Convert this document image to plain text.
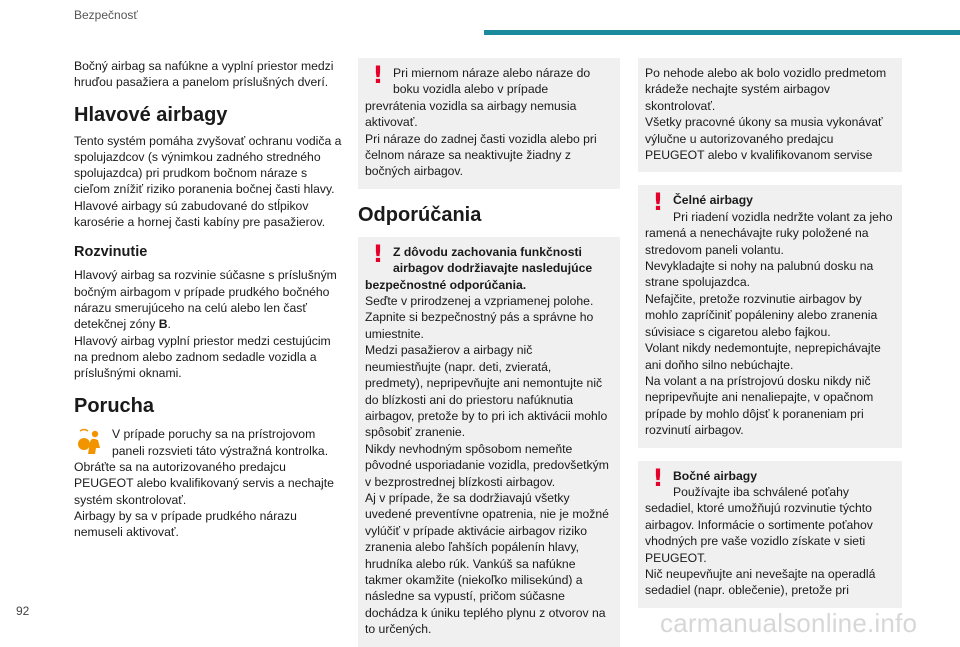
Bezpečnosť

Bočný airbag sa nafúkne a vyplní priestor medzi hruďou pasažiera a panelom príslušných dverí.

Hlavové airbagy

Tento systém pomáha zvyšovať ochranu vodiča a spolujazdcov (s výnimkou zadného stredného spolujazdca) pri prudkom bočnom náraze s cieľom znížiť riziko poranenia bočnej časti hlavy. Hlavové airbagy sú zabudované do stĺpikov karosérie a hornej časti kabíny pre pasažierov.

Rozvinutie

Hlavový airbag sa rozvinie súčasne s príslušným bočným airbagom v prípade prudkého bočného nárazu smerujúceho na celú alebo len časť detekčnej zóny B.

Hlavový airbag vyplní priestor medzi cestujúcim na prednom alebo zadnom sedadle vozidla a príslušnými oknami.

Porucha

V prípade poruchy sa na prístrojovom paneli rozsvieti táto výstražná kontrolka.

Obráťte sa na autorizovaného predajcu PEUGEOT alebo kvalifikovaný servis a nechajte systém skontrolovať.

Airbagy by sa v prípade prudkého nárazu nemuseli aktivovať.

! Pri miernom náraze alebo náraze do boku vozidla alebo v prípade prevrátenia vozidla sa airbagy nemusia aktivovať.

Pri náraze do zadnej časti vozidla alebo pri čelnom náraze sa neaktivujte žiadny z bočných airbagov.

Odporúčania
! Z dôvodu zachovania funkčnosti airbagov dodržiavajte nasledujúce bezpečnostné odporúčania.

Seďte v prirodzenej a vzpriamenej polohe.

Zapnite si bezpečnostný pás a správne ho umiestnite.

Medzi pasažierov a airbagy nič neumiestňujte (napr. deti, zvieratá, predmety), nepripevňujte ani nemontujte nič do blízkosti ani do priestoru nafúknutia airbagov, pretože by to pri ich aktivácii mohlo spôsobiť zranenie.

Nikdy nevhodným spôsobom nemeňte pôvodné usporiadanie vozidla, predovšetkým v bezprostrednej blízkosti airbagov.

Aj v prípade, že sa dodržiavajú všetky uvedené preventívne opatrenia, nie je možné vylúčiť v prípade aktivácie airbagov riziko zranenia alebo ľahších popálenín hlavy, hrudníka alebo rúk. Vankúš sa nafúkne takmer okamžite (niekoľko milisekúnd) a následne sa vypustí, pričom súčasne dochádza k úniku teplého plynu z otvorov na to určených.

Po nehode alebo ak bolo vozidlo predmetom krádeže nechajte systém airbagov skontrolovať.

Všetky pracovné úkony sa musia vykonávať výlučne u autorizovaného predajcu PEUGEOT alebo v kvalifikovanom servise

! Čelné airbagy

Pri riadení vozidla nedržte volant za jeho ramená a nenechávajte ruky položené na stredovom paneli volantu.

Nevykladajte si nohy na palubnú dosku na strane spolujazdca.

Nefajčite, pretože rozvinutie airbagov by mohlo zapríčiniť popáleniny alebo zranenia súvisiace s cigaretou alebo fajkou.

Volant nikdy nedemontujte, neprepichávajte ani doňho silno nebúchajte.

Na volant a na prístrojovú dosku nikdy nič nepripevňujte ani nenaliepajte, v opačnom prípade by mohlo dôjsť k poraneniam pri rozvinutí airbagov.

! Bočné airbagy

Používajte iba schválené poťahy sedadiel, ktoré umožňujú rozvinutie týchto airbagov. Informácie o sortimente poťahov vhodných pre vaše vozidlo získate v sieti PEUGEOT.

Nič neupevňujte ani nevešajte na operadlá sedadiel (napr. oblečenie), pretože pri

92	carmanualsonline.info
